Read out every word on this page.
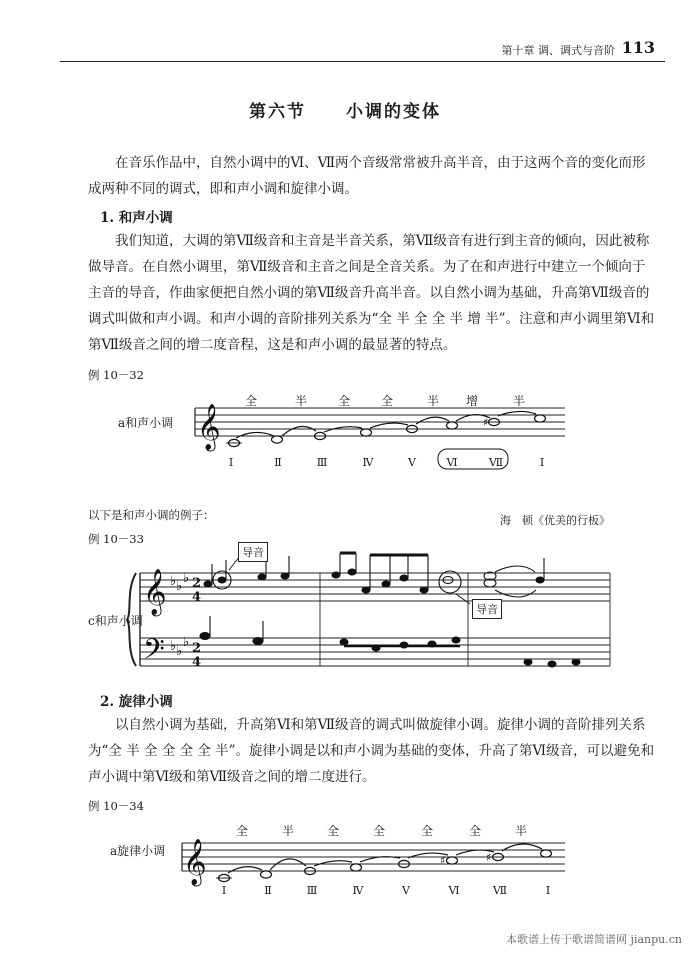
第十章 调、调式与音阶 113
第六节 小调的变体
在音乐作品中，自然小调中的Ⅵ、Ⅶ两个音级常常被升高半音，由于这两个音的变化而形成两种不同的调式，即和声小调和旋律小调。
1. 和声小调
我们知道，大调的第Ⅶ级音和主音是半音关系，第Ⅶ级音有进行到主音的倾向，因此被称做导音。在自然小调里，第Ⅶ级音和主音之间是全音关系。为了在和声进行中建立一个倾向于主音的导音，作曲家便把自然小调的第Ⅶ级音升高半音。以自然小调为基础，升高第Ⅶ级音的调式叫做和声小调。和声小调的音阶排列关系为“全 半 全 全 半 增 半”。注意和声小调里第Ⅵ和第Ⅶ级音之间的增二度音程，这是和声小调的最显著的特点。
例 10－32
a和声小调
全	半	全	全	半	增	半
Ⅰ	Ⅱ	Ⅲ	Ⅳ	Ⅴ	Ⅵ	Ⅶ	Ⅰ
𝄞
𝄞
𝄢
𝄞
♭ ♭
♭ 2
4
♭ ♭
♭ 2
4
♯
♯	♯
以下是和声小调的例子：
例 10－33
海　顿《优美的行板》
c和声小调
导音
导音
2. 旋律小调
以自然小调为基础，升高第Ⅵ和第Ⅶ级音的调式叫做旋律小调。旋律小调的音阶排列关系为“全 半 全 全 全 全 半”。旋律小调是以和声小调为基础的变体，升高了第Ⅵ级音，可以避免和声小调中第Ⅵ级和第Ⅶ级音之间的增二度进行。
例 10－34
a旋律小调
全	半	全	全	全	全	半
Ⅰ	Ⅱ	Ⅲ	Ⅳ	Ⅴ	Ⅵ	Ⅶ	Ⅰ
本歌谱上传于歌谱简谱网 jianpu.cn
